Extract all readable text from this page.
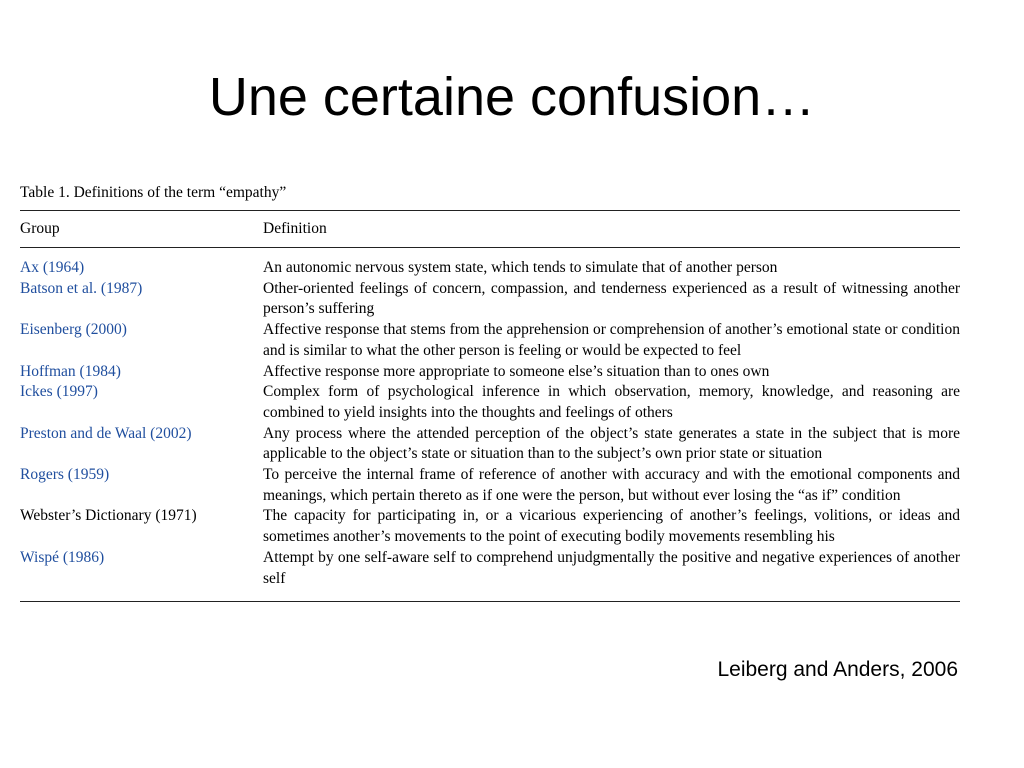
Une certaine confusion…
Table 1. Definitions of the term “empathy”
Group	Definition
Ax (1964)	An autonomic nervous system state, which tends to simulate that of another person
Batson et al. (1987)	Other-oriented feelings of concern, compassion, and tenderness experienced as a result of witnessing another person’s suffering
Eisenberg (2000)	Affective response that stems from the apprehension or comprehension of another’s emotional state or condition and is similar to what the other person is feeling or would be expected to feel
Hoffman (1984)	Affective response more appropriate to someone else’s situation than to ones own
Ickes (1997)	Complex form of psychological inference in which observation, memory, knowledge, and reasoning are combined to yield insights into the thoughts and feelings of others
Preston and de Waal (2002)	Any process where the attended perception of the object’s state generates a state in the subject that is more applicable to the object’s state or situation than to the subject’s own prior state or situation
Rogers (1959)	To perceive the internal frame of reference of another with accuracy and with the emotional components and meanings, which pertain thereto as if one were the person, but without ever losing the “as if” condition
Webster’s Dictionary (1971)	The capacity for participating in, or a vicarious experiencing of another’s feelings, volitions, or ideas and sometimes another’s movements to the point of executing bodily movements resembling his
Wispé (1986)	Attempt by one self-aware self to comprehend unjudgmentally the positive and negative experiences of another self
Leiberg and Anders, 2006
